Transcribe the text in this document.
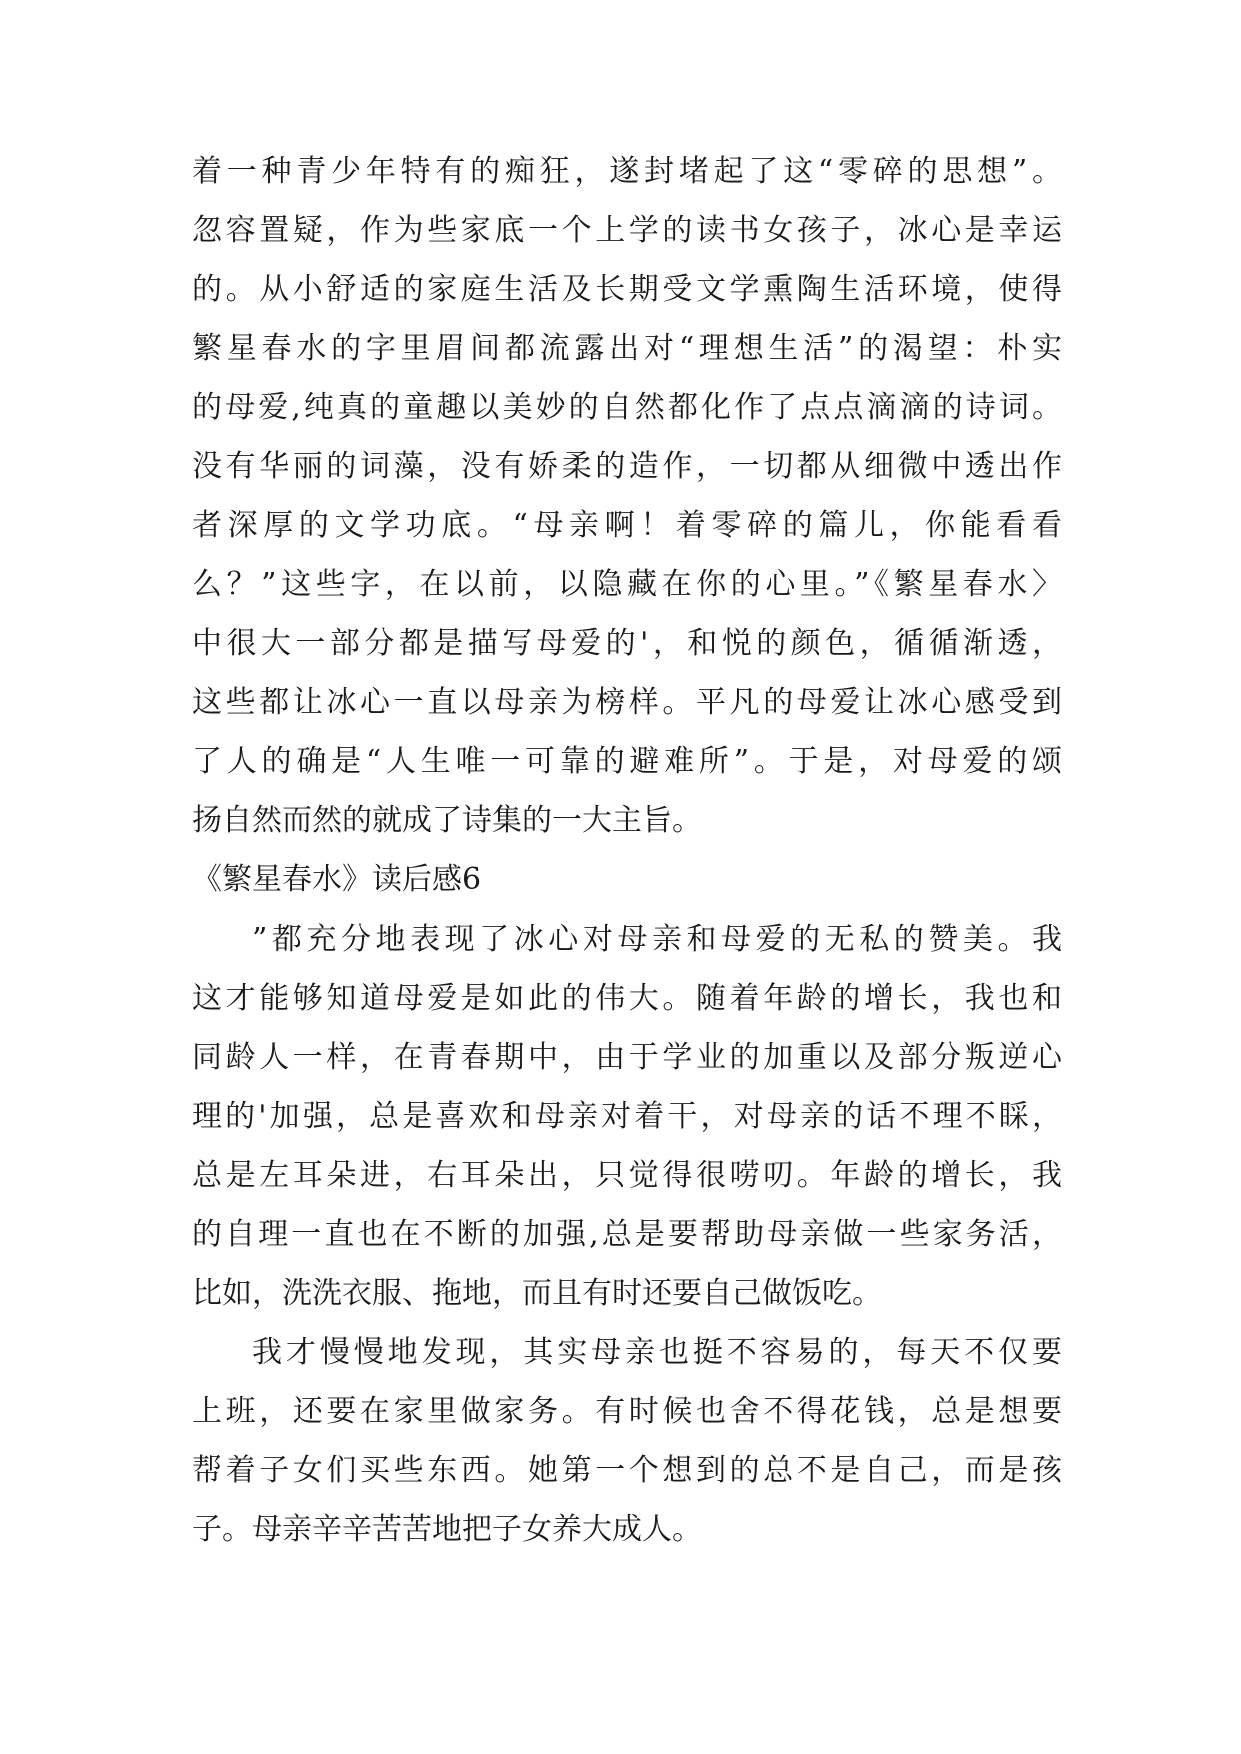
着一种青少年特有的痴狂，遂封堵起了这“零碎的思想”。
忽容置疑，作为些家底一个上学的读书女孩子，冰心是幸运
的。从小舒适的家庭生活及长期受文学熏陶生活环境，使得
繁星春水的字里眉间都流露出对“理想生活”的渴望：朴实
的母爱,纯真的童趣以美妙的自然都化作了点点滴滴的诗词。
没有华丽的词藻，没有娇柔的造作，一切都从细微中透出作
者深厚的文学功底。“母亲啊！着零碎的篇儿，你能看看
么？”这些字，在以前，以隐藏在你的心里。”《繁星春水〉
中很大一部分都是描写母爱的'，和悦的颜色，循循渐透，
这些都让冰心一直以母亲为榜样。平凡的母爱让冰心感受到
了人的确是“人生唯一可靠的避难所”。于是，对母爱的颂
扬自然而然的就成了诗集的一大主旨。
《繁星春水》读后感6
”都充分地表现了冰心对母亲和母爱的无私的赞美。我
这才能够知道母爱是如此的伟大。随着年龄的增长，我也和
同龄人一样，在青春期中，由于学业的加重以及部分叛逆心
理的'加强，总是喜欢和母亲对着干，对母亲的话不理不睬，
总是左耳朵进，右耳朵出，只觉得很唠叨。年龄的增长，我
的自理一直也在不断的加强,总是要帮助母亲做一些家务活，
比如，洗洗衣服、拖地，而且有时还要自己做饭吃。
我才慢慢地发现，其实母亲也挺不容易的，每天不仅要
上班，还要在家里做家务。有时候也舍不得花钱，总是想要
帮着子女们买些东西。她第一个想到的总不是自己，而是孩
子。母亲辛辛苦苦地把子女养大成人。
